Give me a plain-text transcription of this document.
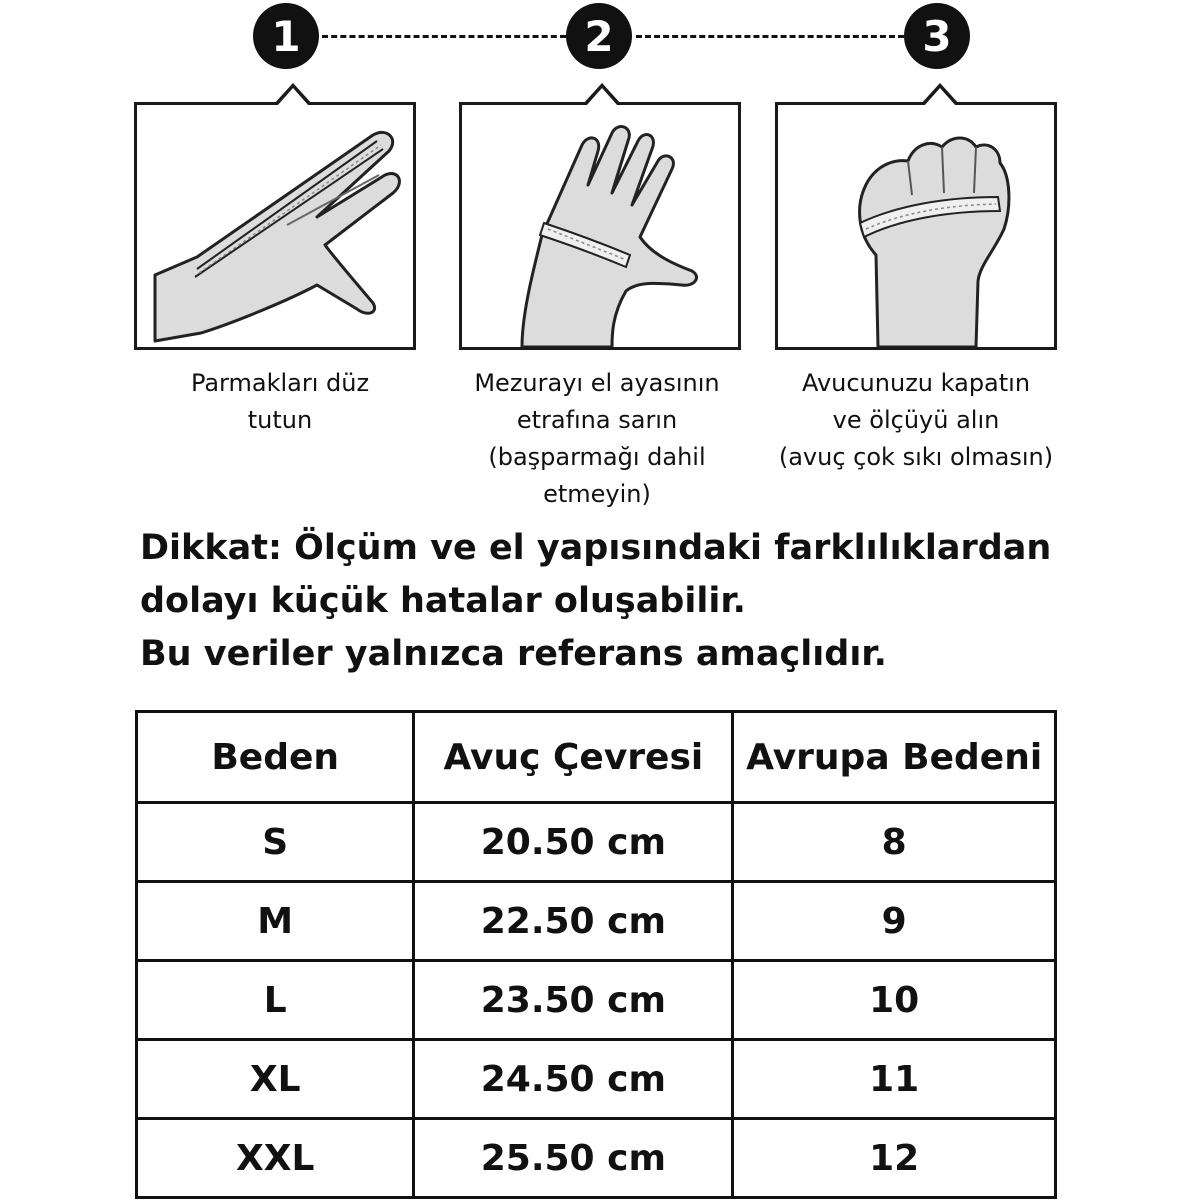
1	2	3
Parmakları düz
tutun
Mezurayı el ayasının
etrafına sarın
(başparmağı dahil
etmeyin)
Avucunuzu kapatın
ve ölçüyü alın
(avuç çok sıkı olmasın)
Dikkat: Ölçüm ve el yapısındaki farklılıklardan
dolayı küçük hatalar oluşabilir.
Bu veriler yalnızca referans amaçlıdır.
Beden	Avuç Çevresi	Avrupa Bedeni
S	20.50 cm	8
M	22.50 cm	9
L	23.50 cm	10
XL	24.50 cm	11
XXL	25.50 cm	12
